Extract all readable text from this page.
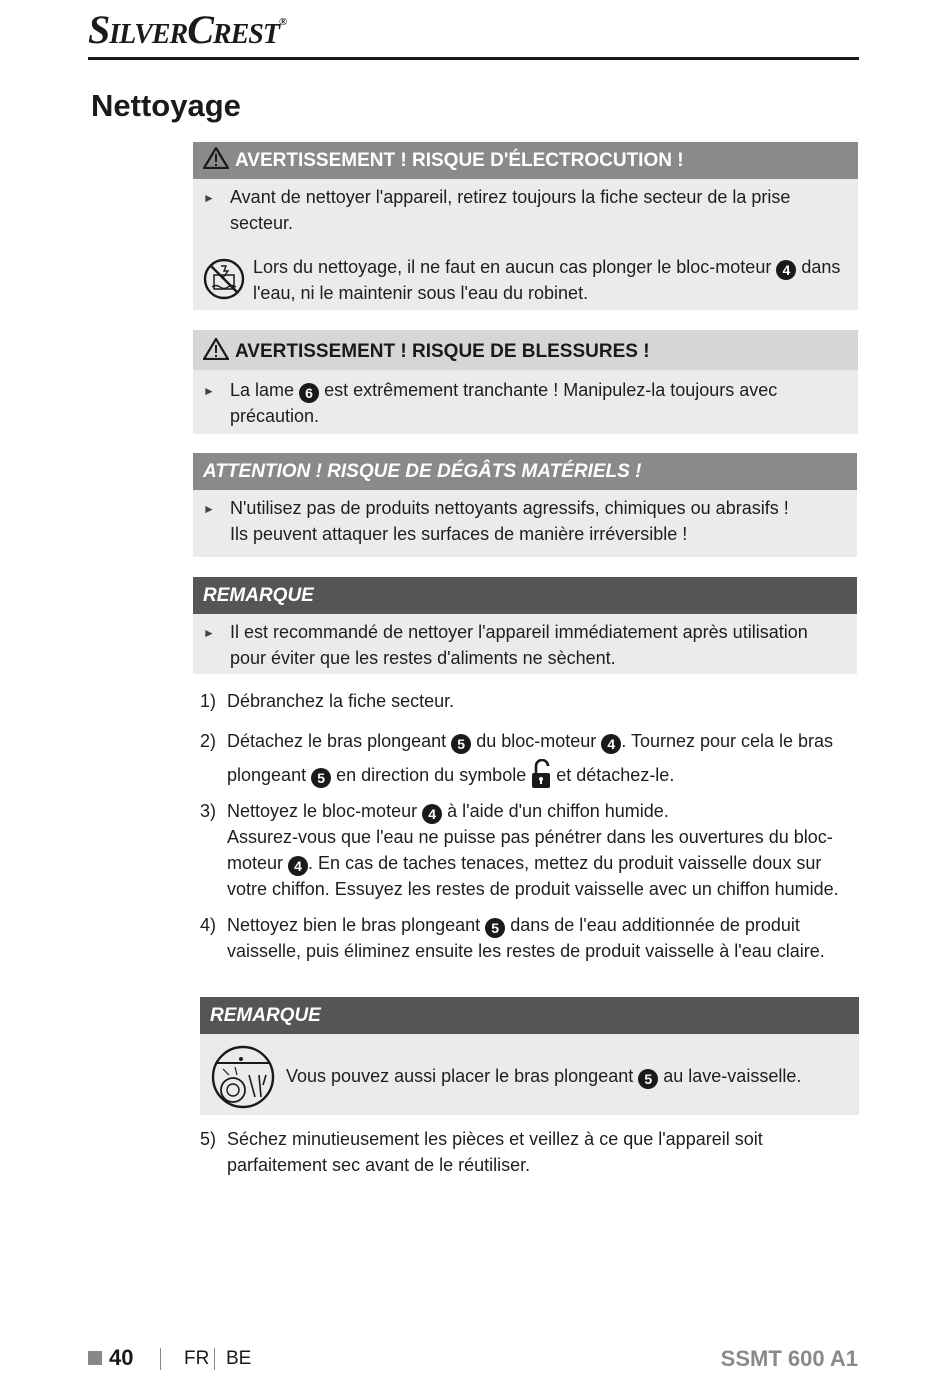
SilverCrest®
Nettoyage
AVERTISSEMENT ! RISQUE D'ÉLECTROCUTION !
► Avant de nettoyer l'appareil, retirez toujours la fiche secteur de la prise secteur.
Lors du nettoyage, il ne faut en aucun cas plonger le bloc-moteur 4 dans l'eau, ni le maintenir sous l'eau du robinet.
AVERTISSEMENT ! RISQUE DE BLESSURES !
► La lame 6 est extrêmement tranchante ! Manipulez-la toujours avec précaution.
ATTENTION ! RISQUE DE DÉGÂTS MATÉRIELS !
► N'utilisez pas de produits nettoyants agressifs, chimiques ou abrasifs !
Ils peuvent attaquer les surfaces de manière irréversible !
REMARQUE
► Il est recommandé de nettoyer l'appareil immédiatement après utilisation pour éviter que les restes d'aliments ne sèchent.
1) Débranchez la fiche secteur.
2) Détachez le bras plongeant 5 du bloc-moteur 4 . Tournez pour cela le bras plongeant 5 en direction du symbole et détachez-le.
3) Nettoyez le bloc-moteur 4 à l'aide d'un chiffon humide.
Assurez-vous que l'eau ne puisse pas pénétrer dans les ouvertures du bloc-moteur 4 . En cas de taches tenaces, mettez du produit vaisselle doux sur votre chiffon. Essuyez les restes de produit vaisselle avec un chiffon humide.
4) Nettoyez bien le bras plongeant 5 dans de l'eau additionnée de produit vaisselle, puis éliminez ensuite les restes de produit vaisselle à l'eau claire.
REMARQUE
Vous pouvez aussi placer le bras plongeant 5 au lave-vaisselle.
5) Séchez minutieusement les pièces et veillez à ce que l'appareil soit parfaitement sec avant de le réutiliser.
40	FR BE	SSMT 600 A1
